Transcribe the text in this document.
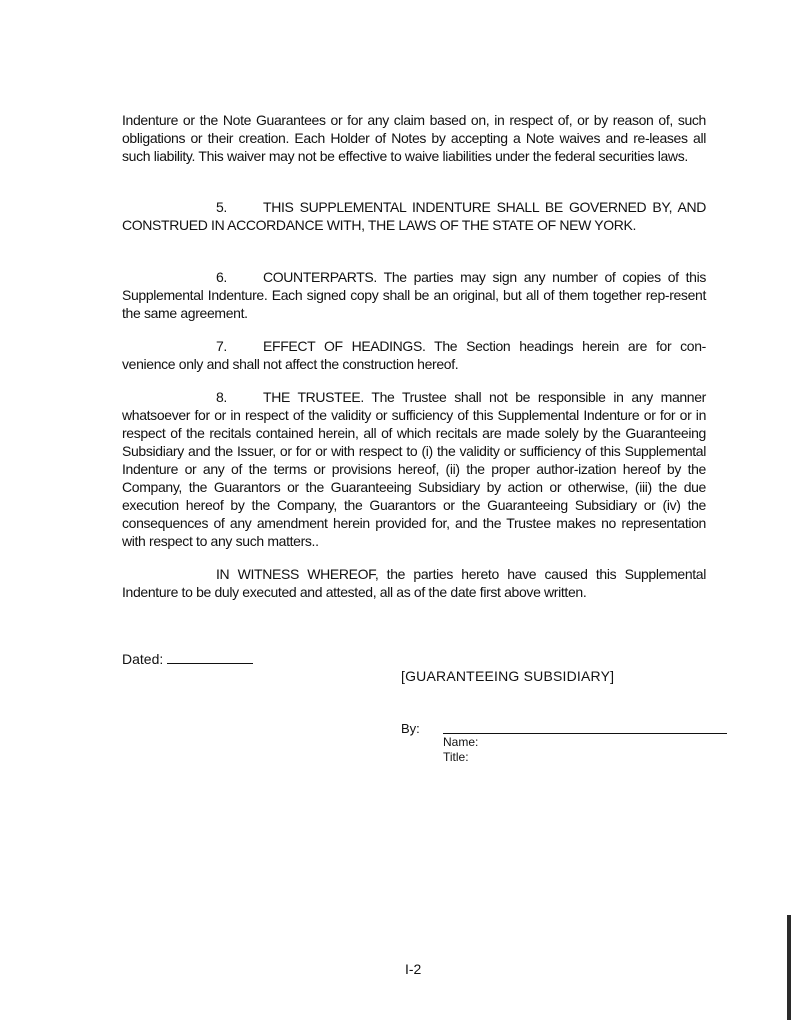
Indenture or the Note Guarantees or for any claim based on, in respect of, or by reason of, such obligations or their creation. Each Holder of Notes by accepting a Note waives and re-leases all such liability. This waiver may not be effective to waive liabilities under the federal securities laws.

5.	THIS SUPPLEMENTAL INDENTURE SHALL BE GOVERNED BY, AND CONSTRUED IN ACCORDANCE WITH, THE LAWS OF THE STATE OF NEW YORK.

6.	COUNTERPARTS. The parties may sign any number of copies of this Supplemental Indenture. Each signed copy shall be an original, but all of them together rep-resent the same agreement.

7.	EFFECT OF HEADINGS. The Section headings herein are for con-venience only and shall not affect the construction hereof.

8.	THE TRUSTEE. The Trustee shall not be responsible in any manner whatsoever for or in respect of the validity or sufficiency of this Supplemental Indenture or for or in respect of the recitals contained herein, all of which recitals are made solely by the Guaranteeing Subsidiary and the Issuer, or for or with respect to (i) the validity or sufficiency of this Supplemental Indenture or any of the terms or provisions hereof, (ii) the proper author-ization hereof by the Company, the Guarantors or the Guaranteeing Subsidiary by action or otherwise, (iii) the due execution hereof by the Company, the Guarantors or the Guaranteeing Subsidiary or (iv) the consequences of any amendment herein provided for, and the Trustee makes no representation with respect to any such matters..

IN WITNESS WHEREOF, the parties hereto have caused this Supplemental Indenture to be duly executed and attested, all as of the date first above written.

Dated:
[GUARANTEEING SUBSIDIARY]
By:
Name:
Title:
I-2
